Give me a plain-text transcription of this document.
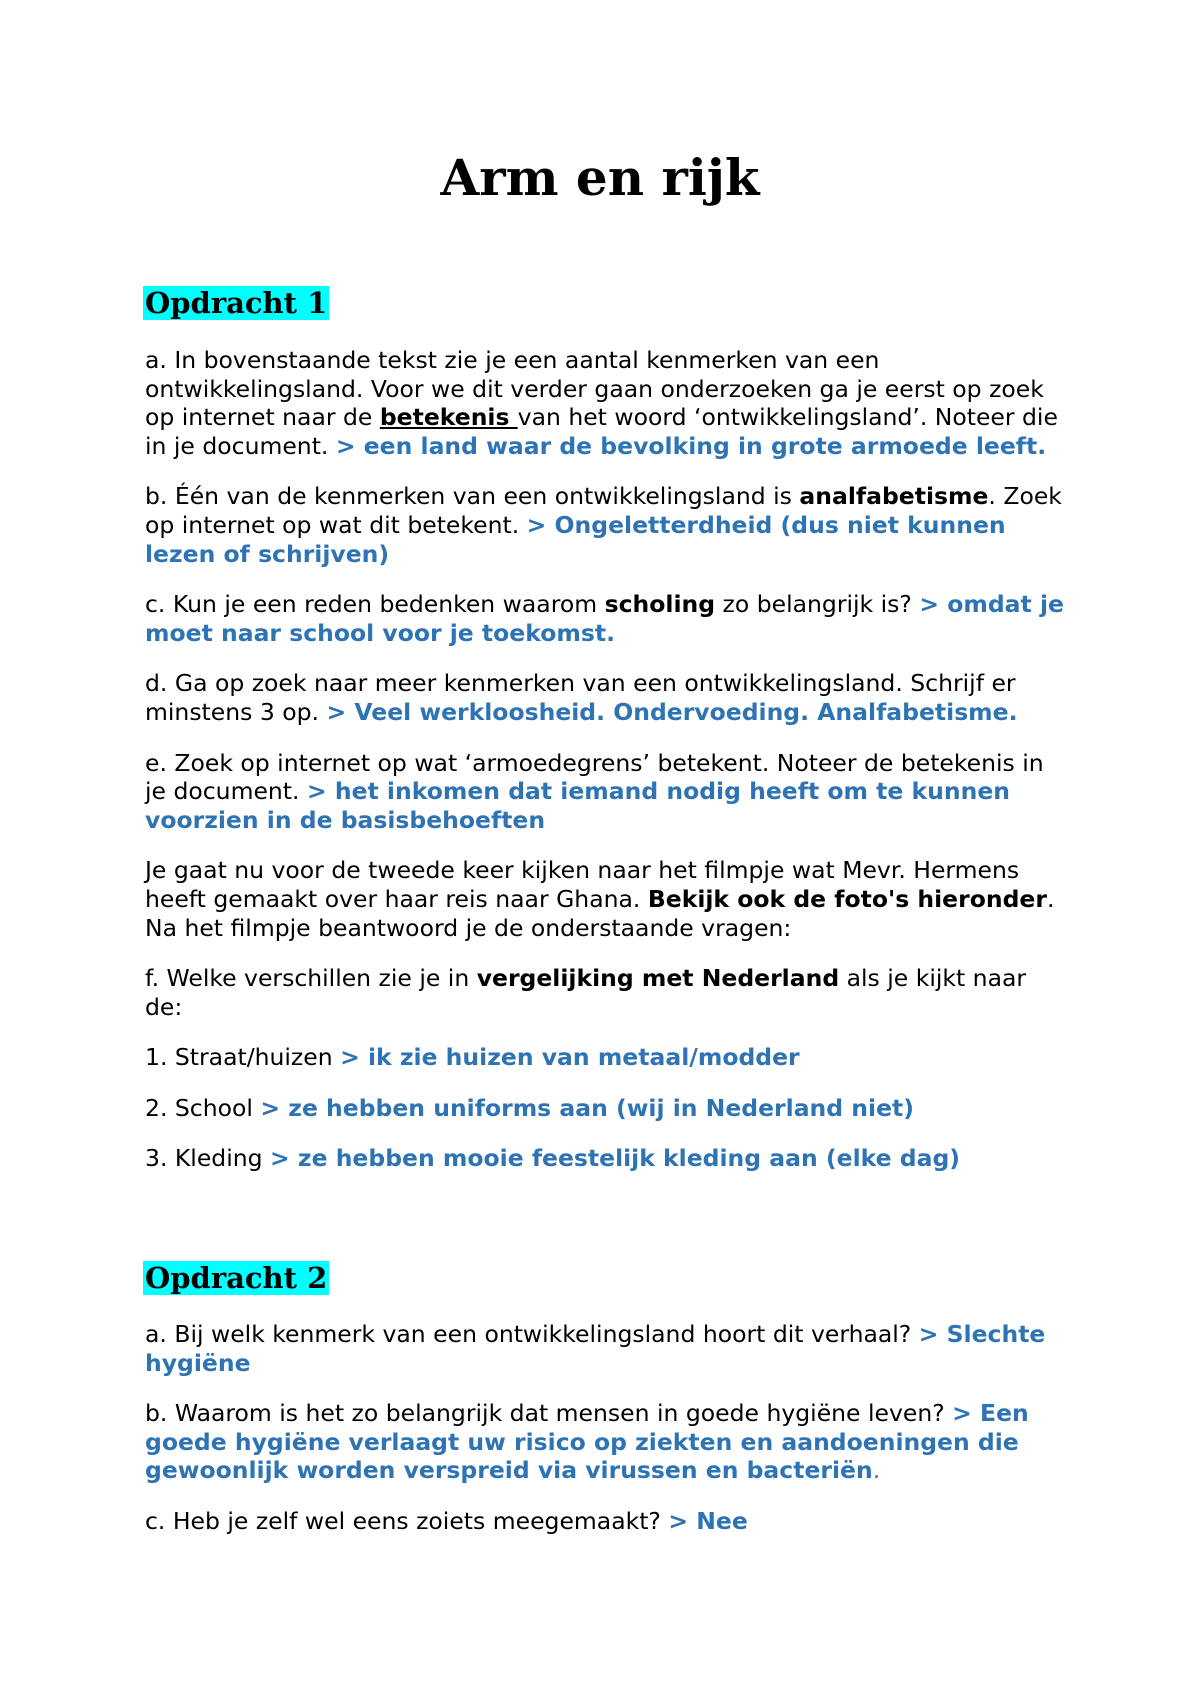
Arm en rijk
Opdracht 1

a. In bovenstaande tekst zie je een aantal kenmerken van een ontwikkelingsland. Voor we dit verder gaan onderzoeken ga je eerst op zoek op internet naar de betekenis van het woord ‘ontwikkelingsland’. Noteer die in je document. > een land waar de bevolking in grote armoede leeft.

b. Één van de kenmerken van een ontwikkelingsland is analfabetisme. Zoek op internet op wat dit betekent. > Ongeletterdheid (dus niet kunnen lezen of schrijven)

c. Kun je een reden bedenken waarom scholing zo belangrijk is? > omdat je moet naar school voor je toekomst.

d. Ga op zoek naar meer kenmerken van een ontwikkelingsland. Schrijf er minstens 3 op. > Veel werkloosheid. Ondervoeding. Analfabetisme.

e. Zoek op internet op wat ‘armoedegrens’ betekent. Noteer de betekenis in je document. > het inkomen dat iemand nodig heeft om te kunnen voorzien in de basisbehoeften

Je gaat nu voor de tweede keer kijken naar het filmpje wat Mevr. Hermens heeft gemaakt over haar reis naar Ghana. Bekijk ook de foto's hieronder. Na het filmpje beantwoord je de onderstaande vragen:

f. Welke verschillen zie je in vergelijking met Nederland als je kijkt naar de:

1. Straat/huizen > ik zie huizen van metaal/modder

2. School > ze hebben uniforms aan (wij in Nederland niet)

3. Kleding > ze hebben mooie feestelijk kleding aan (elke dag)

Opdracht 2

a. Bij welk kenmerk van een ontwikkelingsland hoort dit verhaal? > Slechte hygiëne

b. Waarom is het zo belangrijk dat mensen in goede hygiëne leven? > Een goede hygiëne verlaagt uw risico op ziekten en aandoeningen die gewoonlijk worden verspreid via virussen en bacteriën.

c. Heb je zelf wel eens zoiets meegemaakt? > Nee
